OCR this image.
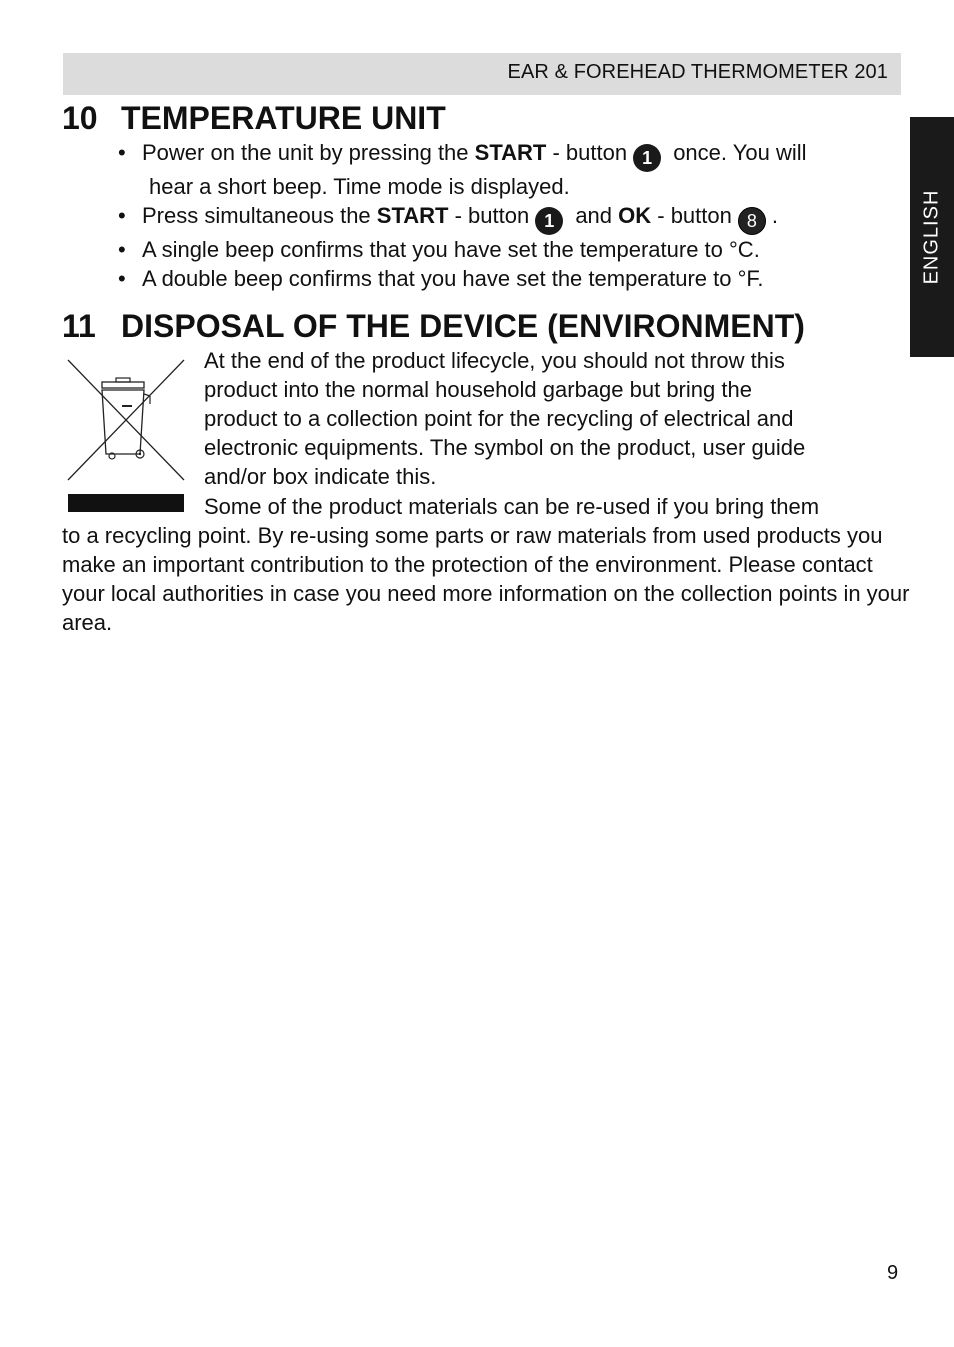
EAR & FOREHEAD THERMOMETER 201
ENGLISH
10 TEMPERATURE UNIT
• Power on the unit by pressing the START - button 1 once. You will
hear a short beep. Time mode is displayed.
• Press simultaneous the START - button 1 and OK - button 8 .
• A single beep confirms that you have set the temperature to °C.
• A double beep confirms that you have set the temperature to °F.
11 DISPOSAL OF THE DEVICE (ENVIRONMENT)
At the end of the product lifecycle, you should not throw this
product into the normal household garbage but bring the
product to a collection point for the recycling of electrical and
electronic equipments. The symbol on the product, user guide
and/or box indicate this.
Some of the product materials can be re-used if you bring them
to a recycling point. By re-using some parts or raw materials from used products you make an important contribution to the protection of the environment. Please contact your local authorities in case you need more information on the collection points in your area.
9
